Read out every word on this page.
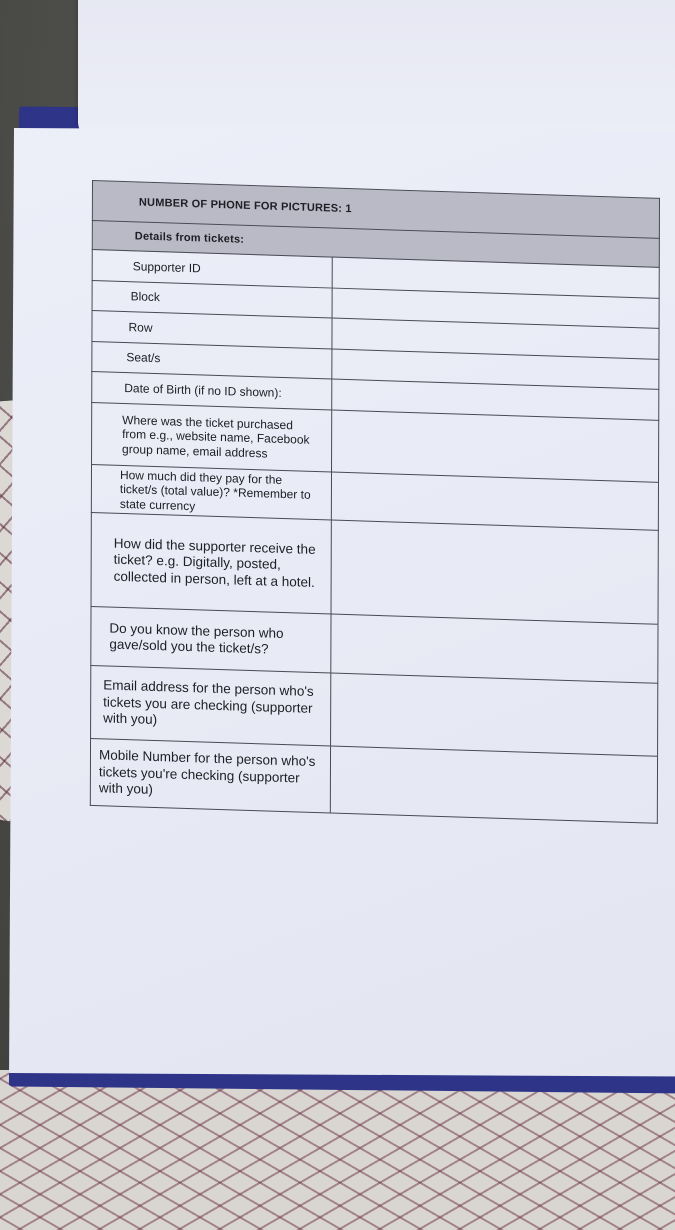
NUMBER OF PHONE FOR PICTURES: 1	
Details from tickets:	
Supporter ID	
Block	
Row	
Seat/s	
Date of Birth (if no ID shown):	
Where was the ticket purchased from e.g., website name, Facebook group name, email address	
How much did they pay for the ticket/s (total value)? *Remember to state currency	
How did the supporter receive the ticket? e.g. Digitally, posted, collected in person, left at a hotel.	
Do you know the person who gave/sold you the ticket/s?	
Email address for the person who's tickets you are checking (supporter with you)	
Mobile Number for the person who's tickets you're checking (supporter with you)	
